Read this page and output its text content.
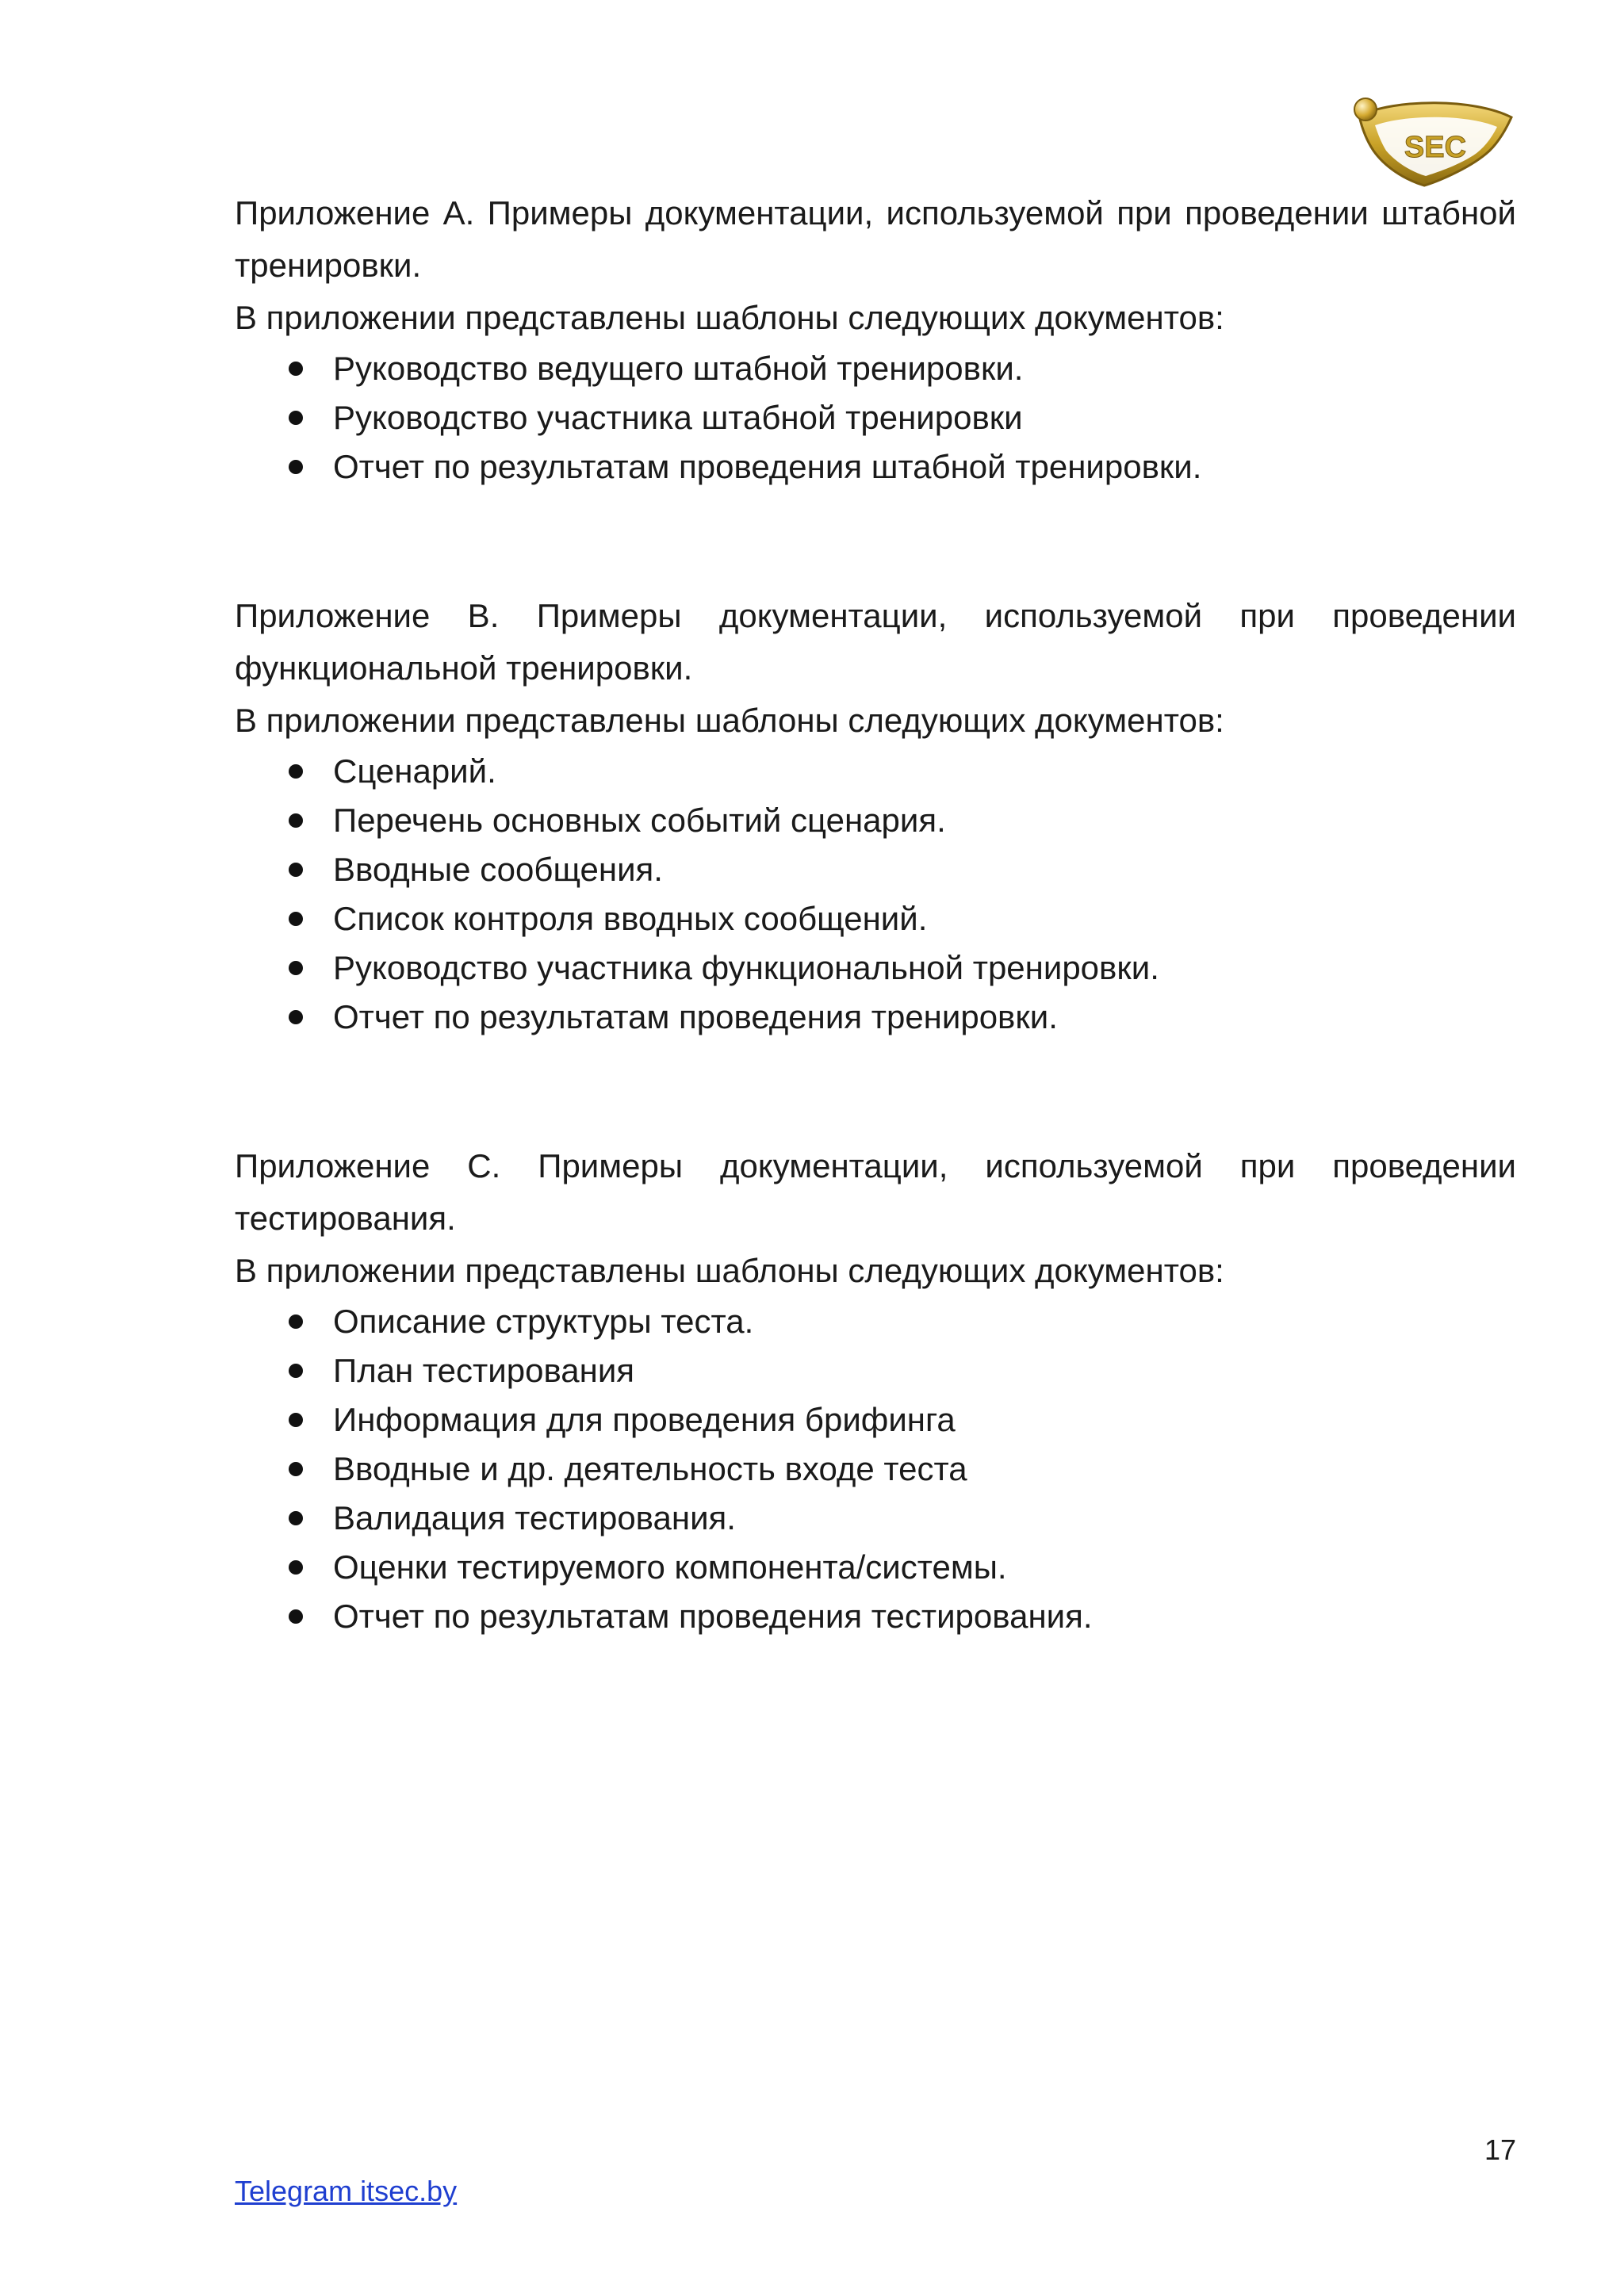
SEC

Приложение A. Примеры документации, используемой при проведении штабной тренировки.

В приложении представлены шаблоны следующих документов:

Руководство ведущего штабной тренировки.
Руководство участника штабной тренировки
Отчет по результатам проведения штабной тренировки.

Приложение B. Примеры документации, используемой при проведении функциональной тренировки.

В приложении представлены шаблоны следующих документов:

Сценарий.
Перечень основных событий сценария.
Вводные сообщения.
Список контроля вводных сообщений.
Руководство участника функциональной тренировки.
Отчет по результатам проведения тренировки.

Приложение C. Примеры документации, используемой при проведении тестирования.

В приложении представлены шаблоны следующих документов:

Описание структуры теста.
План тестирования
Информация для проведения брифинга
Вводные и др. деятельность входе теста
Валидация тестирования.
Оценки тестируемого компонента/системы.
Отчет по результатам проведения тестирования.
17
Telegram itsec.by
